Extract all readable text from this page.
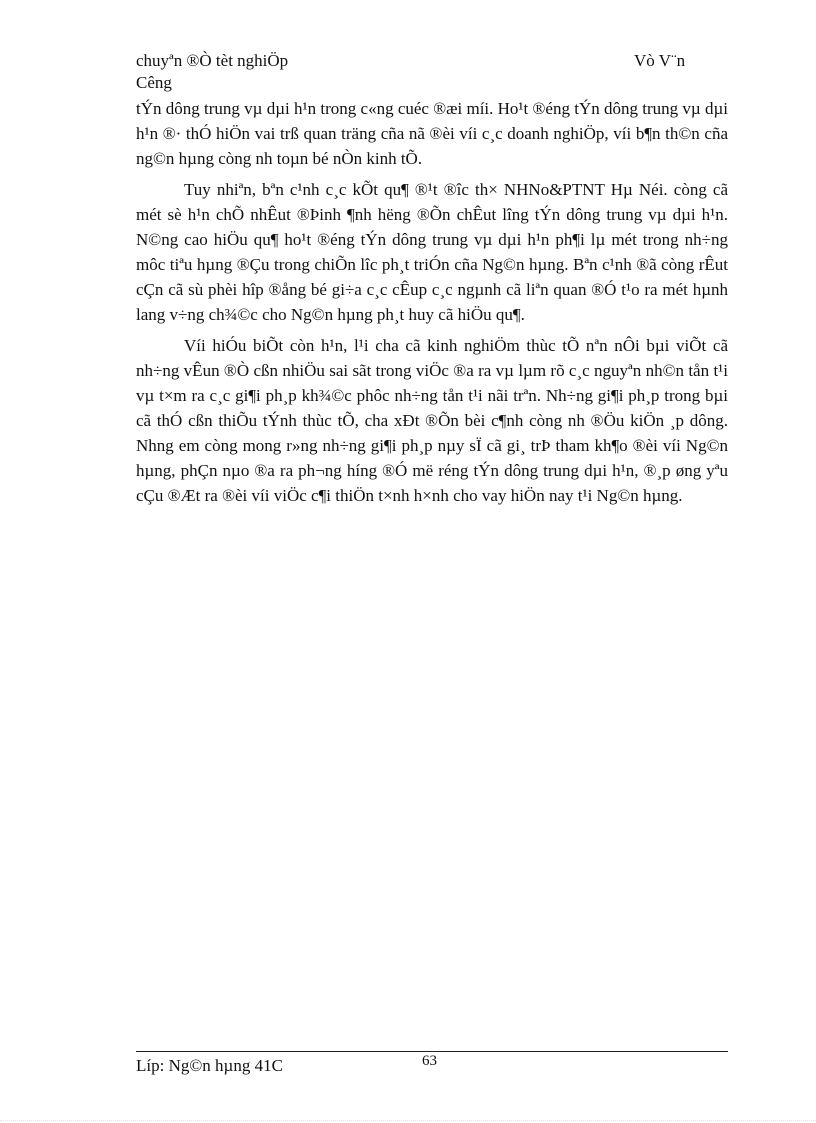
chuyªn ®Ò tèt nghiÖp	Vò V¨n
Cêng

tÝn dông trung vµ dµi h¹n trong c«ng cuéc ®æi míi. Ho¹t ®éng tÝn dông trung vµ dµi h¹n ®· thÓ hiÖn vai trß quan träng cña nã ®èi víi c¸c doanh nghiÖp, víi b¶n th©n cña ng©n hµng còng nh toµn bé nÒn kinh tÕ.

Tuy nhiªn, bªn c¹nh c¸c kÕt qu¶ ®¹t ®îc th× NHNo&PTNT Hµ Néi. còng cã mét sè h¹n chÕ nhÊut ®Þinh ¶nh hëng ®Õn chÊut lîng tÝn dông trung vµ dµi h¹n. N©ng cao hiÖu qu¶ ho¹t ®éng tÝn dông trung vµ dµi h¹n ph¶i lµ mét trong nh÷ng môc tiªu hµng ®Çu trong chiÕn lîc ph¸t triÓn cña Ng©n hµng. Bªn c¹nh ®ã còng rÊut cÇn cã sù phèi hîp ®ång bé gi÷a c¸c cÊup c¸c ngµnh cã liªn quan ®Ó t¹o ra mét hµnh lang v÷ng ch¾©c cho Ng©n hµng ph¸t huy cã hiÖu qu¶.

Víi hiÓu biÕt còn h¹n, l¹i cha cã kinh nghiÖm thùc tÕ nªn nÔi bµi viÕt cã nh÷ng vÊun ®Ò cßn nhiÖu sai sãt trong viÖc ®a ra vµ lµm rõ c¸c nguyªn nh©n tån t¹i vµ t×m ra c¸c gi¶i ph¸p kh¾©c phôc nh÷ng tån t¹i nãi trªn. Nh÷ng gi¶i ph¸p trong bµi cã thÓ cßn thiÕu tÝnh thùc tÕ, cha xÐt ®Õn bèi c¶nh còng nh ®Öu kiÖn ¸p dông. Nhng em còng mong r»ng nh÷ng gi¶i ph¸p nµy sÏ cã gi¸ trÞ tham kh¶o ®èi víi Ng©n hµng, phÇn nµo ®a ra ph¬ng híng ®Ó më réng tÝn dông trung dµi h¹n, ®¸p øng yªu cÇu ®Æt ra ®èi víi viÖc c¶i thiÖn t×nh h×nh cho vay hiÖn nay t¹i Ng©n hµng.

Líp: Ng©n hµng 41C	63
